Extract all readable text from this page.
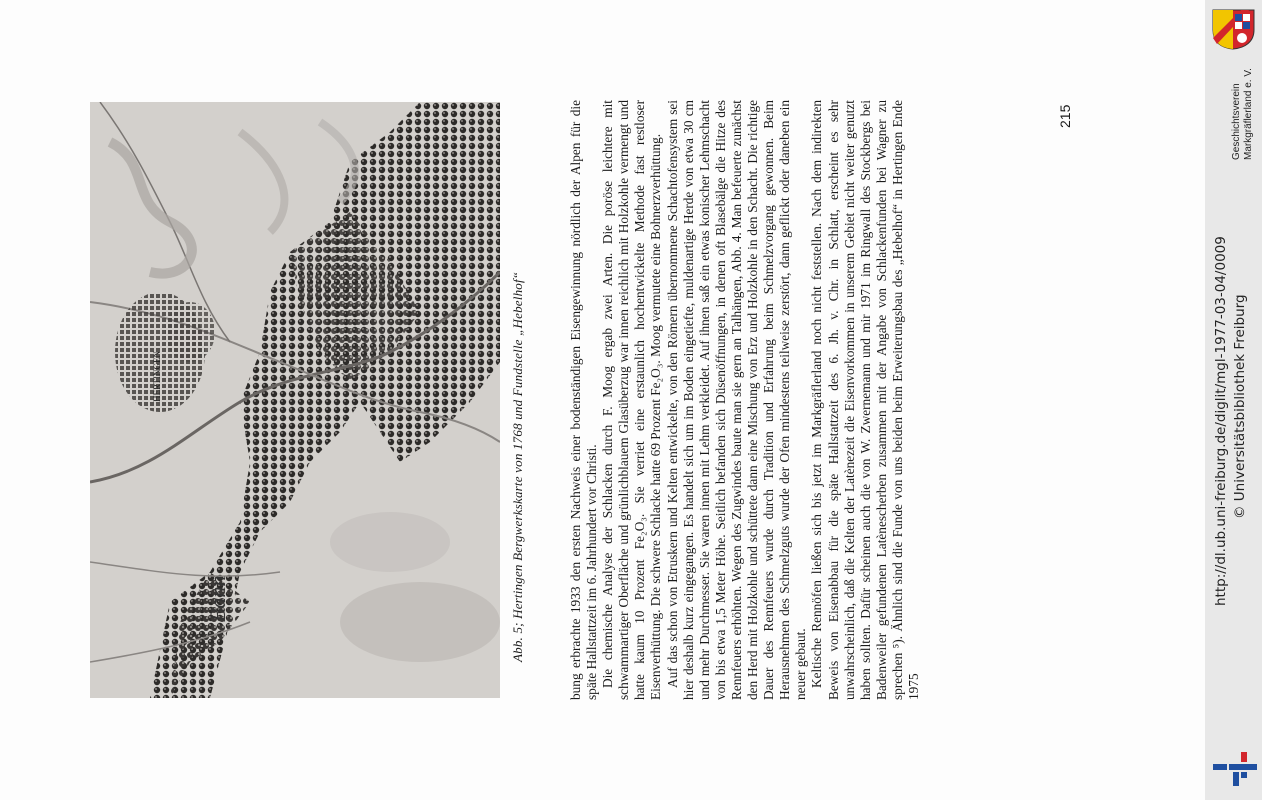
HERTINGEN
Bann	Abb. 5; Hertingen Bergwerkskarte von 1768 und Fundstelle „Hebelhof“	bung erbrachte 1933 den ersten Nachweis einer bodenständigen Eisengewinnung nördlich der Alpen für die späte Hallstattzeit im 6. Jahrhundert vor Christi. Die chemische Analyse der Schlacken durch F. Moog ergab zwei Arten. Die poröse leichtere mit schwammartiger Oberfläche und grünlichblauem Glasüberzug war innen reichlich mit Holzkohle vermengt und hatte kaum 10 Prozent Fe₂O₃. Sie verriet eine erstaunlich hochentwickelte Methode fast restloser Eisenverhüttung. Die schwere Schlacke hatte 69 Prozent Fe₂O₃. Moog vermutete eine Bohnerzverhüttung. Auf das schon von Etruskern und Kelten entwickelte, von den Römern übernommene Schachtofensystem sei hier deshalb kurz eingegangen. Es handelt sich um im Boden eingetiefte, muldenartige Herde von etwa 30 cm und mehr Durchmesser. Sie waren innen mit Lehm verkleidet. Auf ihnen saß ein etwas konischer Lehmschacht von bis etwa 1,5 Meter Höhe. Seitlich befanden sich Düsenöffnungen, in denen oft Blasebälge die Hitze des Rennfeuers erhöhten. Wegen des Zugwindes baute man sie gern an Talhängen, Abb. 4. Man befeuerte zunächst den Herd mit Holzkohle und schüttete dann eine Mischung von Erz und Holzkohle in den Schacht. Die richtige Dauer des Rennfeuers wurde durch Tradition und Erfahrung beim Schmelzvorgang gewonnen. Beim Herausnehmen des Schmelzguts wurde der Ofen mindestens teilweise zerstört, dann geflickt oder daneben ein neuer gebaut. Keltische Rennöfen ließen sich bis jetzt im Markgräflerland noch nicht feststellen. Nach dem indirekten Beweis von Eisenabbau für die späte Hallstattzeit des 6. Jh. v. Chr. in Schlatt, erscheint es sehr unwahrscheinlich, daß die Kelten der Latènezeit die Eisenvorkommen in unserem Gebiet nicht weiter genutzt haben sollten. Dafür scheinen auch die von W. Zwernemann und mir 1971 im Ringwall des Stockbergs bei Badenweiler gefundenen Latènescherben zusammen mit der Angabe von Schlackenfunden bei Wagner zu sprechen ⁵). Ähnlich sind die Funde von uns beiden beim Erweiterungsbau des „Hebelhof“ in Hertingen Ende 1975

215	Geschichtsverein Markgräflerland e. V.
http://dl.ub.uni-freiburg.de/diglit/mgl-1977-03-04/0009 © Universitätsbibliothek Freiburg
